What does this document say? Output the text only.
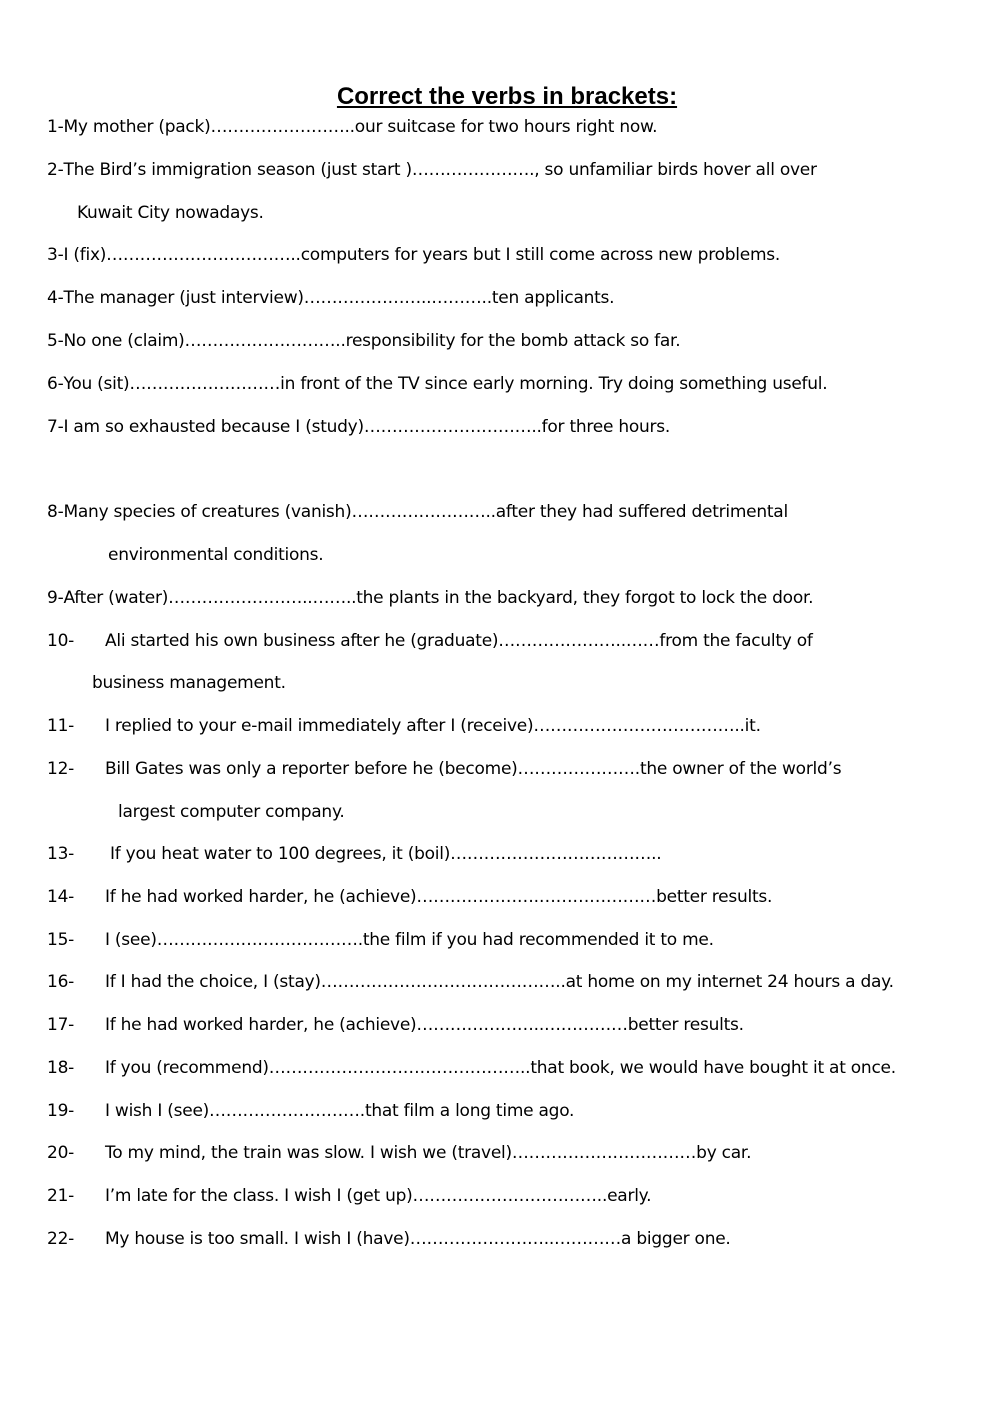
Correct the verbs in brackets:
1-My mother (pack)……………………..our suitcase for two hours right now.
2-The Bird’s immigration season (just start )…………………., so unfamiliar birds hover all over
Kuwait City nowadays.
3-I (fix)……………………………..computers for years but I still come across new problems.
4-The manager (just interview)…………………..………..ten applicants.
5-No one (claim)………………………..responsibility for the bomb attack so far.
6-You (sit)………………………in front of the TV since early morning. Try doing something useful.
7-I am so exhausted because I (study)…………………………..for three hours.
8-Many species of creatures (vanish)……………………..after they had suffered detrimental
environmental conditions.
9-After (water)……………………..……..the plants in the backyard, they forgot to lock the door.
10- Ali started his own business after he (graduate)…………………..……from the faculty of
business management.
11- I replied to your e-mail immediately after I (receive)………………………………..it.
12- Bill Gates was only a reporter before he (become)………………….the owner of the world’s
largest computer company.
13- If you heat water to 100 degrees, it (boil)………………………………..
14- If he had worked harder, he (achieve)………………….…………………better results.
15- I (see)……………………………….the film if you had recommended it to me.
16- If I had the choice, I (stay)……………………………………..at home on my internet 24 hours a day.
17- If he had worked harder, he (achieve)…………………..……………better results.
18- If you (recommend)………………………………………..that book, we would have bought it at once.
19- I wish I (see)……………………….that film a long time ago.
20- To my mind, the train was slow. I wish we (travel)……………………………by car.
21- I’m late for the class. I wish I (get up)……………………………..early.
22- My house is too small. I wish I (have)……………………..…………a bigger one.
